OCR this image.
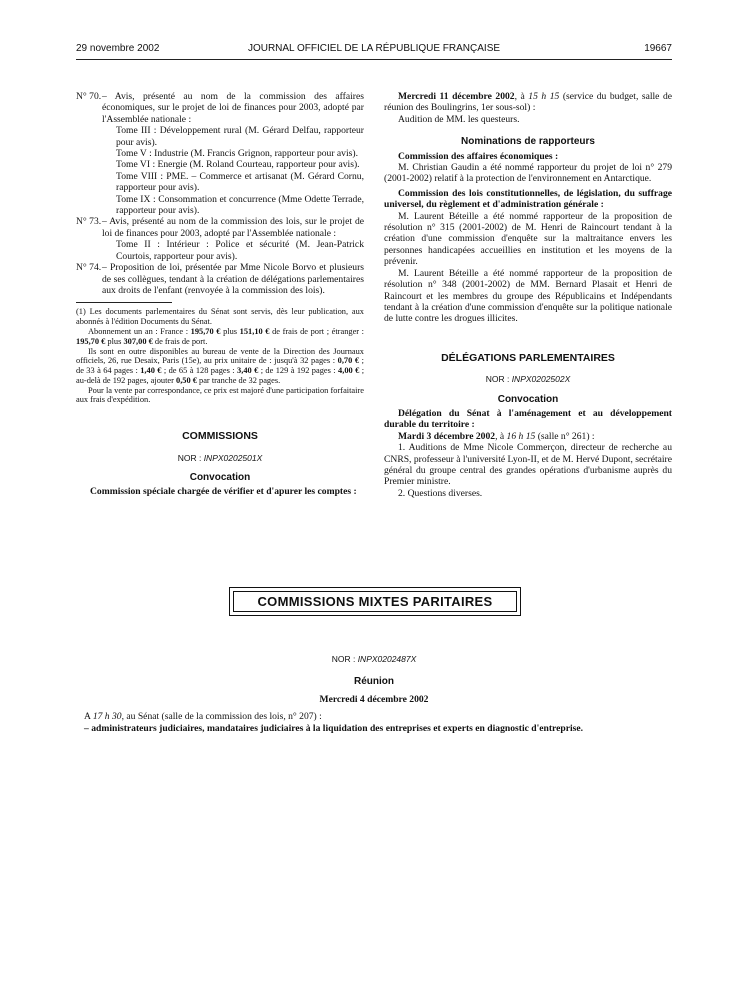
29 novembre 2002	JOURNAL OFFICIEL DE LA RÉPUBLIQUE FRANÇAISE	19667

N° 70. – Avis, présenté au nom de la commission des affaires économiques, sur le projet de loi de finances pour 2003, adopté par l'Assemblée nationale :

Tome III : Développement rural (M. Gérard Delfau, rapporteur pour avis).

Tome V : Industrie (M. Francis Grignon, rapporteur pour avis).

Tome VI : Energie (M. Roland Courteau, rapporteur pour avis).

Tome VIII : PME. – Commerce et artisanat (M. Gérard Cornu, rapporteur pour avis).

Tome IX : Consommation et concurrence (Mme Odette Terrade, rapporteur pour avis).

N° 73. – Avis, présenté au nom de la commission des lois, sur le projet de loi de finances pour 2003, adopté par l'Assemblée nationale :

Tome II : Intérieur : Police et sécurité (M. Jean-Patrick Courtois, rapporteur pour avis).

N° 74. – Proposition de loi, présentée par Mme Nicole Borvo et plusieurs de ses collègues, tendant à la création de délégations parlementaires aux droits de l'enfant (renvoyée à la commission des lois).

(1) Les documents parlementaires du Sénat sont servis, dès leur publication, aux abonnés à l'édition Documents du Sénat.

Abonnement un an : France : 195,70 € plus 151,10 € de frais de port ; étranger : 195,70 € plus 307,00 € de frais de port.

Ils sont en outre disponibles au bureau de vente de la Direction des Journaux officiels, 26, rue Desaix, Paris (15e), au prix unitaire de : jusqu'à 32 pages : 0,70 € ; de 33 à 64 pages : 1,40 € ; de 65 à 128 pages : 3,40 € ; de 129 à 192 pages : 4,00 € ; au-delà de 192 pages, ajouter 0,50 € par tranche de 32 pages.

Pour la vente par correspondance, ce prix est majoré d'une participation forfaitaire aux frais d'expédition.

COMMISSIONS

NOR : INPX0202501X

Convocation

Commission spéciale chargée de vérifier et d'apurer les comptes :

Mercredi 11 décembre 2002, à 15 h 15 (service du budget, salle de réunion des Boulingrins, 1er sous-sol) :

Audition de MM. les questeurs.

Nominations de rapporteurs

Commission des affaires économiques :

M. Christian Gaudin a été nommé rapporteur du projet de loi n° 279 (2001-2002) relatif à la protection de l'environnement en Antarctique.

Commission des lois constitutionnelles, de législation, du suffrage universel, du règlement et d'administration générale :

M. Laurent Béteille a été nommé rapporteur de la proposition de résolution n° 315 (2001-2002) de M. Henri de Raincourt tendant à la création d'une commission d'enquête sur la maltraitance envers les personnes handicapées accueillies en institution et les moyens de la prévenir.

M. Laurent Béteille a été nommé rapporteur de la proposition de résolution n° 348 (2001-2002) de MM. Bernard Plasait et Henri de Raincourt et les membres du groupe des Républicains et Indépendants tendant à la création d'une commission d'enquête sur la politique nationale de lutte contre les drogues illicites.

DÉLÉGATIONS PARLEMENTAIRES

NOR : INPX0202502X

Convocation

Délégation du Sénat à l'aménagement et au développement durable du territoire :

Mardi 3 décembre 2002, à 16 h 15 (salle n° 261) :

1. Auditions de Mme Nicole Commerçon, directeur de recherche au CNRS, professeur à l'université Lyon-II, et de M. Hervé Dupont, secrétaire général du groupe central des grandes opérations d'urbanisme auprès du Premier ministre.

2. Questions diverses.

COMMISSIONS MIXTES PARITAIRES

NOR : INPX0202487X

Réunion

Mercredi 4 décembre 2002

A 17 h 30, au Sénat (salle de la commission des lois, n° 207) :

– administrateurs judiciaires, mandataires judiciaires à la liquidation des entreprises et experts en diagnostic d'entreprise.
